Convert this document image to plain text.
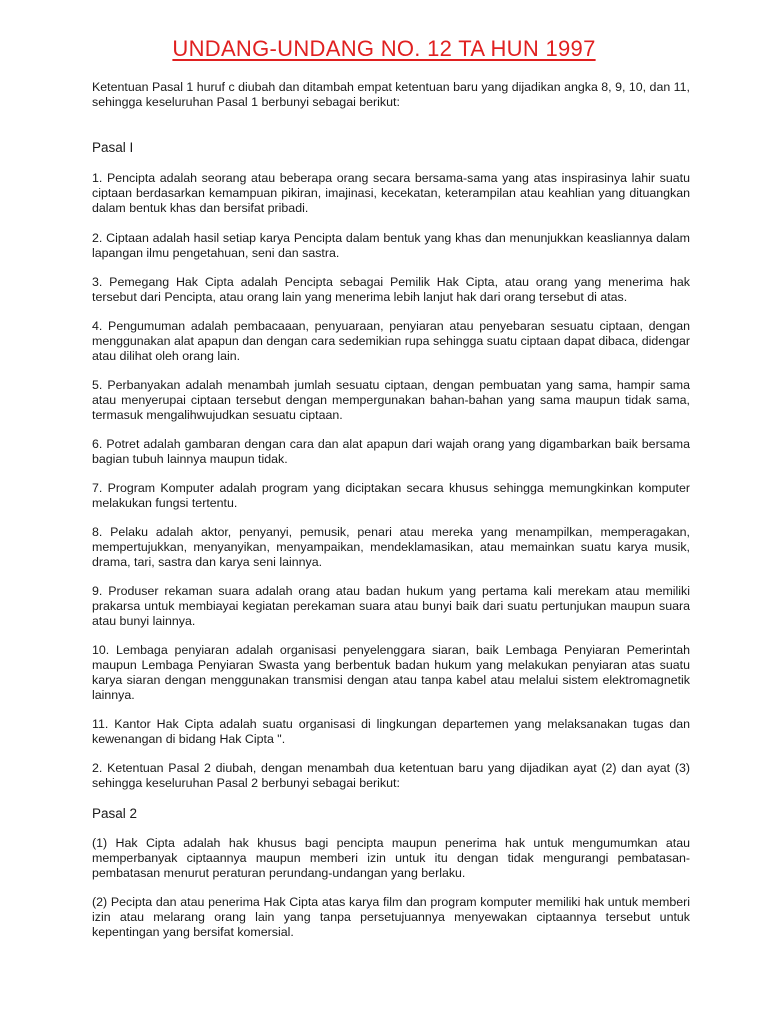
UNDANG-UNDANG NO. 12 TA HUN 1997

Ketentuan Pasal 1 huruf c diubah dan ditambah empat ketentuan baru yang dijadikan angka 8, 9, 10, dan 11, sehingga keseluruhan Pasal 1 berbunyi sebagai berikut:

Pasal I

1. Pencipta adalah seorang atau beberapa orang secara bersama-sama yang atas inspirasinya lahir suatu ciptaan berdasarkan kemampuan pikiran, imajinasi, kecekatan, keterampilan atau keahlian yang dituangkan dalam bentuk khas dan bersifat pribadi.

2. Ciptaan adalah hasil setiap karya Pencipta dalam bentuk yang khas dan menunjukkan keasliannya dalam lapangan ilmu pengetahuan, seni dan sastra.

3. Pemegang Hak Cipta adalah Pencipta sebagai Pemilik Hak Cipta, atau orang yang menerima hak tersebut dari Pencipta, atau orang lain yang menerima lebih lanjut hak dari orang tersebut di atas.

4. Pengumuman adalah pembacaaan, penyuaraan, penyiaran atau penyebaran sesuatu ciptaan, dengan menggunakan alat apapun dan dengan cara sedemikian rupa sehingga suatu ciptaan dapat dibaca, didengar atau dilihat oleh orang lain.

5. Perbanyakan adalah menambah jumlah sesuatu ciptaan, dengan pembuatan yang sama, hampir sama atau menyerupai ciptaan tersebut dengan mempergunakan bahan-bahan yang sama maupun tidak sama, termasuk mengalihwujudkan sesuatu ciptaan.

6. Potret adalah gambaran dengan cara dan alat apapun dari wajah orang yang digambarkan baik bersama bagian tubuh lainnya maupun tidak.

7. Program Komputer adalah program yang diciptakan secara khusus sehingga memungkinkan komputer melakukan fungsi tertentu.

8. Pelaku adalah aktor, penyanyi, pemusik, penari atau mereka yang menampilkan, memperagakan, mempertujukkan, menyanyikan, menyampaikan, mendeklamasikan, atau memainkan suatu karya musik, drama, tari, sastra dan karya seni lainnya.

9. Produser rekaman suara adalah orang atau badan hukum yang pertama kali merekam atau memiliki prakarsa untuk membiayai kegiatan perekaman suara atau bunyi baik dari suatu pertunjukan maupun suara atau bunyi lainnya.

10. Lembaga penyiaran adalah organisasi penyelenggara siaran, baik Lembaga Penyiaran Pemerintah maupun Lembaga Penyiaran Swasta yang berbentuk badan hukum yang melakukan penyiaran atas suatu karya siaran dengan menggunakan transmisi dengan atau tanpa kabel atau melalui sistem elektromagnetik lainnya.

11. Kantor Hak Cipta adalah suatu organisasi di lingkungan departemen yang melaksanakan tugas dan kewenangan di bidang Hak Cipta ".

2. Ketentuan Pasal 2 diubah, dengan menambah dua ketentuan baru yang dijadikan ayat (2) dan ayat (3) sehingga keseluruhan Pasal 2 berbunyi sebagai berikut:

Pasal 2

(1) Hak Cipta adalah hak khusus bagi pencipta maupun penerima hak untuk mengumumkan atau memperbanyak ciptaannya maupun memberi izin untuk itu dengan tidak mengurangi pembatasan-pembatasan menurut peraturan perundang-undangan yang berlaku.

(2) Pecipta dan atau penerima Hak Cipta atas karya film dan program komputer memiliki hak untuk memberi izin atau melarang orang lain yang tanpa persetujuannya menyewakan ciptaannya tersebut untuk kepentingan yang bersifat komersial.
